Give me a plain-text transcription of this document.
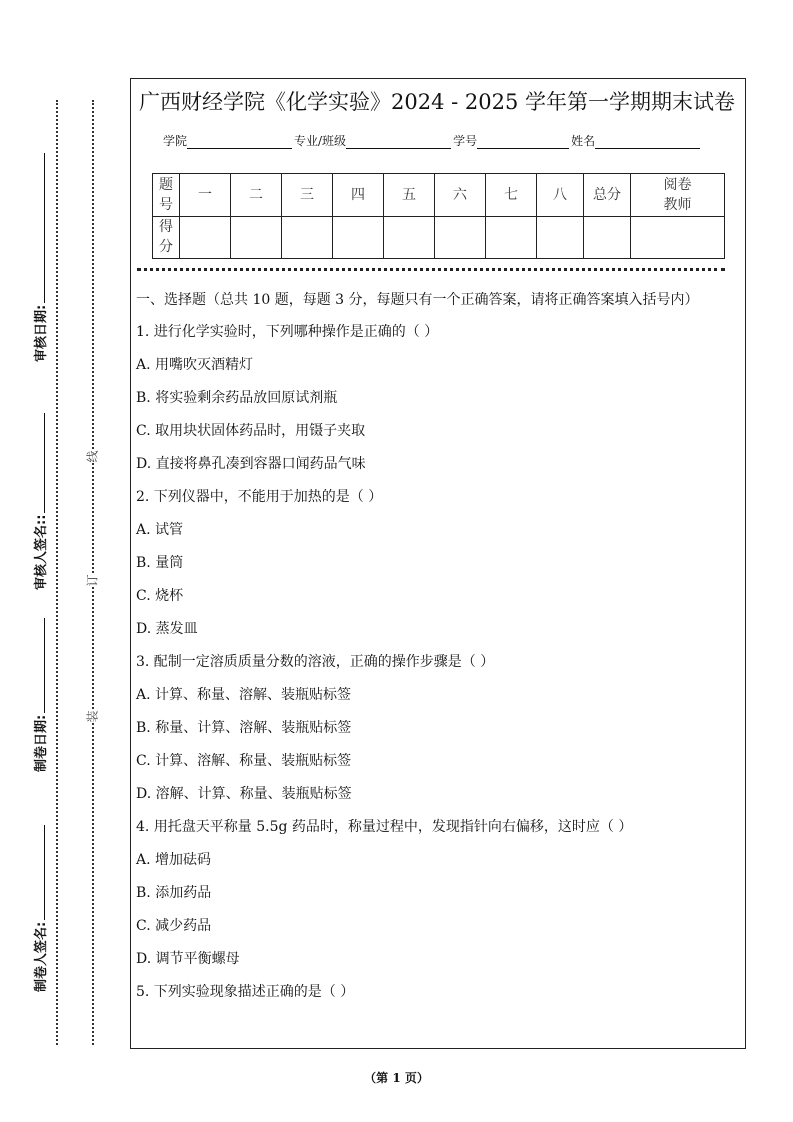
审核日期:
审核人签名::
制卷日期:
制卷人签名:
线
订
装
广西财经学院《化学实验》2024 - 2025 学年第一学期期末试卷
学院	专业/班级	学号	姓名
题号	一	二	三	四	五	六	七	八	总分	阅卷教师
得分										
一、选择题（总共 10 题，每题 3 分，每题只有一个正确答案，请将正确答案填入括号内）
1. 进行化学实验时，下列哪种操作是正确的（ ）
A. 用嘴吹灭酒精灯
B. 将实验剩余药品放回原试剂瓶
C. 取用块状固体药品时，用镊子夹取
D. 直接将鼻孔凑到容器口闻药品气味
2. 下列仪器中，不能用于加热的是（ ）
A. 试管
B. 量筒
C. 烧杯
D. 蒸发皿
3. 配制一定溶质质量分数的溶液，正确的操作步骤是（ ）
A. 计算、称量、溶解、装瓶贴标签
B. 称量、计算、溶解、装瓶贴标签
C. 计算、溶解、称量、装瓶贴标签
D. 溶解、计算、称量、装瓶贴标签
4. 用托盘天平称量 5.5g 药品时，称量过程中，发现指针向右偏移，这时应（ ）
A. 增加砝码
B. 添加药品
C. 减少药品
D. 调节平衡螺母
5. 下列实验现象描述正确的是（ ）
（第 1 页）
